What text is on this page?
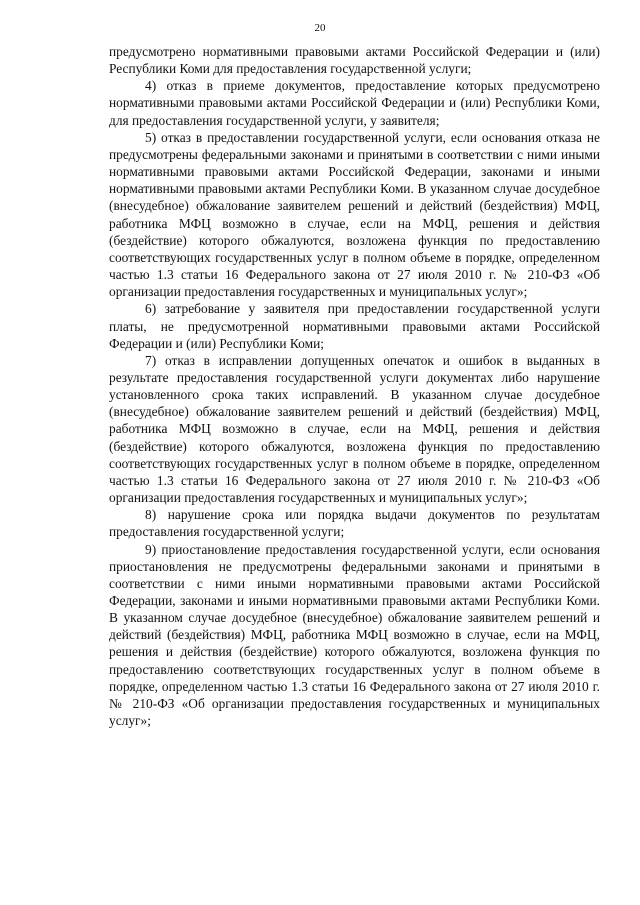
20

предусмотрено нормативными правовыми актами Российской Федерации и (или) Республики Коми для предоставления государственной услуги;

4) отказ в приеме документов, предоставление которых предусмотрено нормативными правовыми актами Российской Федерации и (или) Республики Коми, для предоставления государственной услуги, у заявителя;

5) отказ в предоставлении государственной услуги, если основания отказа не предусмотрены федеральными законами и принятыми в соответствии с ними иными нормативными правовыми актами Российской Федерации, законами и иными нормативными правовыми актами Республики Коми. В указанном случае досудебное (внесудебное) обжалование заявителем решений и действий (бездействия) МФЦ, работника МФЦ возможно в случае, если на МФЦ, решения и действия (бездействие) которого обжалуются, возложена функция по предоставлению соответствующих государственных услуг в полном объеме в порядке, определенном частью 1.3 статьи 16 Федерального закона от 27 июля 2010 г. № 210-ФЗ «Об организации предоставления государственных и муниципальных услуг»;

6) затребование у заявителя при предоставлении государственной услуги платы, не предусмотренной нормативными правовыми актами Российской Федерации и (или) Республики Коми;

7) отказ в исправлении допущенных опечаток и ошибок в выданных в результате предоставления государственной услуги документах либо нарушение установленного срока таких исправлений. В указанном случае досудебное (внесудебное) обжалование заявителем решений и действий (бездействия) МФЦ, работника МФЦ возможно в случае, если на МФЦ, решения и действия (бездействие) которого обжалуются, возложена функция по предоставлению соответствующих государственных услуг в полном объеме в порядке, определенном частью 1.3 статьи 16 Федерального закона от 27 июля 2010 г. № 210-ФЗ «Об организации предоставления государственных и муниципальных услуг»;

8) нарушение срока или порядка выдачи документов по результатам предоставления государственной услуги;

9) приостановление предоставления государственной услуги, если основания приостановления не предусмотрены федеральными законами и принятыми в соответствии с ними иными нормативными правовыми актами Российской Федерации, законами и иными нормативными правовыми актами Республики Коми. В указанном случае досудебное (внесудебное) обжалование заявителем решений и действий (бездействия) МФЦ, работника МФЦ возможно в случае, если на МФЦ, решения и действия (бездействие) которого обжалуются, возложена функция по предоставлению соответствующих государственных услуг в полном объеме в порядке, определенном частью 1.3 статьи 16 Федерального закона от 27 июля 2010 г. № 210-ФЗ «Об организации предоставления государственных и муниципальных услуг»;
